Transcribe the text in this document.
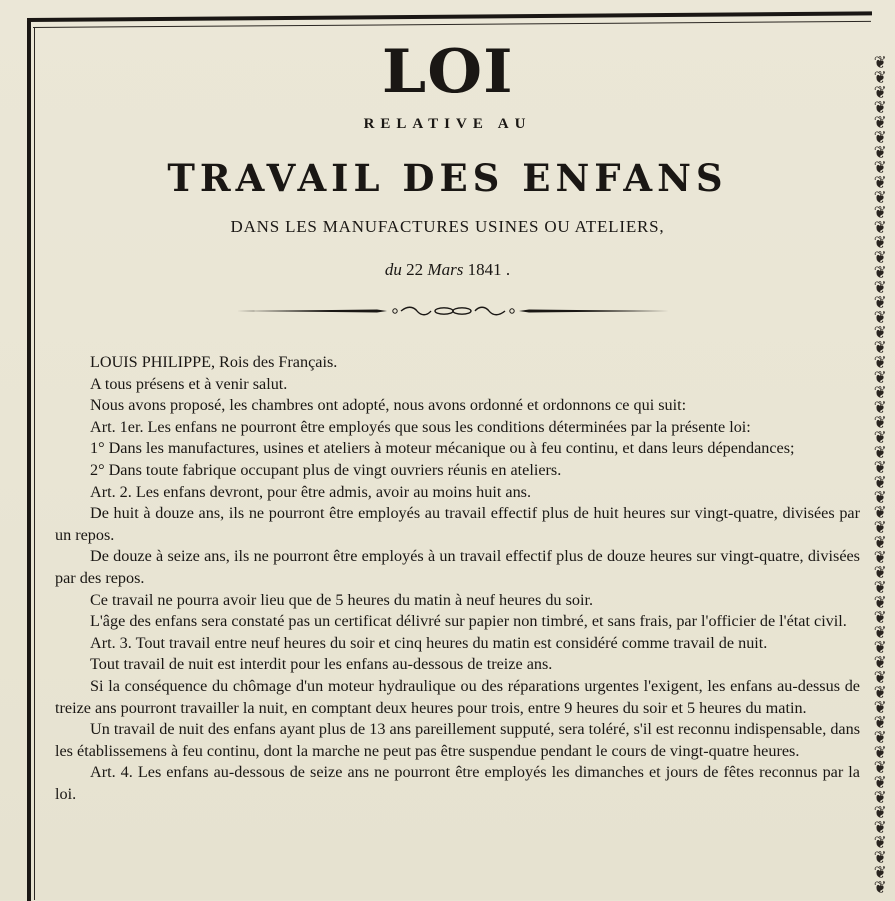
❦
❦
❦
❦
❦
❦
❦
❦
❦
❦
❦
❦
❦
❦
❦
❦
❦
❦
❦
❦
❦
❦
❦
❦
❦
❦
❦
❦
❦
❦
❦
❦
❦
❦
❦
❦
❦
❦
❦
❦
❦
❦
❦
❦
❦
❦
❦
❦
❦
❦
❦
❦
❦
❦
❦
❦
LOI
RELATIVE AU
TRAVAIL DES ENFANS
DANS LES MANUFACTURES USINES OU ATELIERS,
du 22 Mars 1841 .

LOUIS PHILIPPE, Rois des Français.

A tous présens et à venir salut.

Nous avons proposé, les chambres ont adopté, nous avons ordonné et ordonnons ce qui suit:

Art. 1er. Les enfans ne pourront être employés que sous les conditions déterminées par la présente loi:

1° Dans les manufactures, usines et ateliers à moteur mécanique ou à feu continu, et dans leurs dépendances;

2° Dans toute fabrique occupant plus de vingt ouvriers réunis en ateliers.

Art. 2. Les enfans devront, pour être admis, avoir au moins huit ans.

De huit à douze ans, ils ne pourront être employés au travail effectif plus de huit heures sur vingt-quatre, divisées par un repos.

De douze à seize ans, ils ne pourront être employés à un travail effectif plus de douze heures sur vingt-quatre, divisées par des repos.

Ce travail ne pourra avoir lieu que de 5 heures du matin à neuf heures du soir.

L'âge des enfans sera constaté pas un certificat délivré sur papier non timbré, et sans frais, par l'officier de l'état civil.

Art. 3. Tout travail entre neuf heures du soir et cinq heures du matin est considéré comme travail de nuit.

Tout travail de nuit est interdit pour les enfans au-dessous de treize ans.

Si la conséquence du chômage d'un moteur hydraulique ou des réparations urgentes l'exigent, les enfans au-dessus de treize ans pourront travailler la nuit, en comptant deux heures pour trois, entre 9 heures du soir et 5 heures du matin.

Un travail de nuit des enfans ayant plus de 13 ans pareillement supputé, sera toléré, s'il est reconnu indispensable, dans les établissemens à feu continu, dont la marche ne peut pas être suspendue pendant le cours de vingt-quatre heures.

Art. 4. Les enfans au-dessous de seize ans ne pourront être employés les dimanches et jours de fêtes reconnus par la loi.
